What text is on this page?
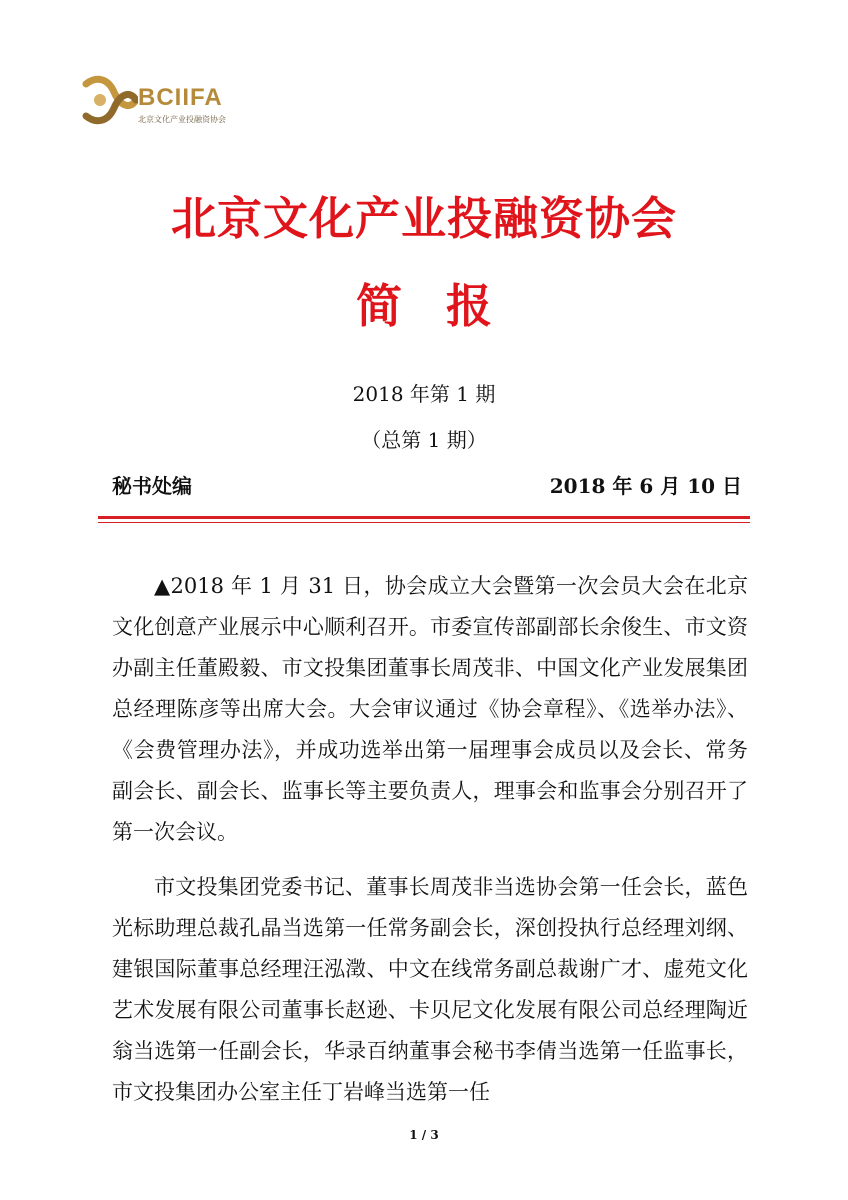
BCIIFA
北京文化产业投融资协会
北京文化产业投融资协会
简报
2018 年第 1 期
（总第 1 期）
秘书处编	2018 年 6 月 10 日

▲2018 年 1 月 31 日，协会成立大会暨第一次会员大会在北京文化创意产业展示中心顺利召开。市委宣传部副部长余俊生、市文资办副主任董殿毅、市文投集团董事长周茂非、中国文化产业发展集团总经理陈彦等出席大会。大会审议通过《协会章程》、《选举办法》、《会费管理办法》，并成功选举出第一届理事会成员以及会长、常务副会长、副会长、监事长等主要负责人，理事会和监事会分别召开了第一次会议。

市文投集团党委书记、董事长周茂非当选协会第一任会长，蓝色光标助理总裁孔晶当选第一任常务副会长，深创投执行总经理刘纲、建银国际董事总经理汪泓澂、中文在线常务副总裁谢广才、虚苑文化艺术发展有限公司董事长赵逊、卡贝尼文化发展有限公司总经理陶近翁当选第一任副会长，华录百纳董事会秘书李倩当选第一任监事长，市文投集团办公室主任丁岩峰当选第一任

1 / 3
